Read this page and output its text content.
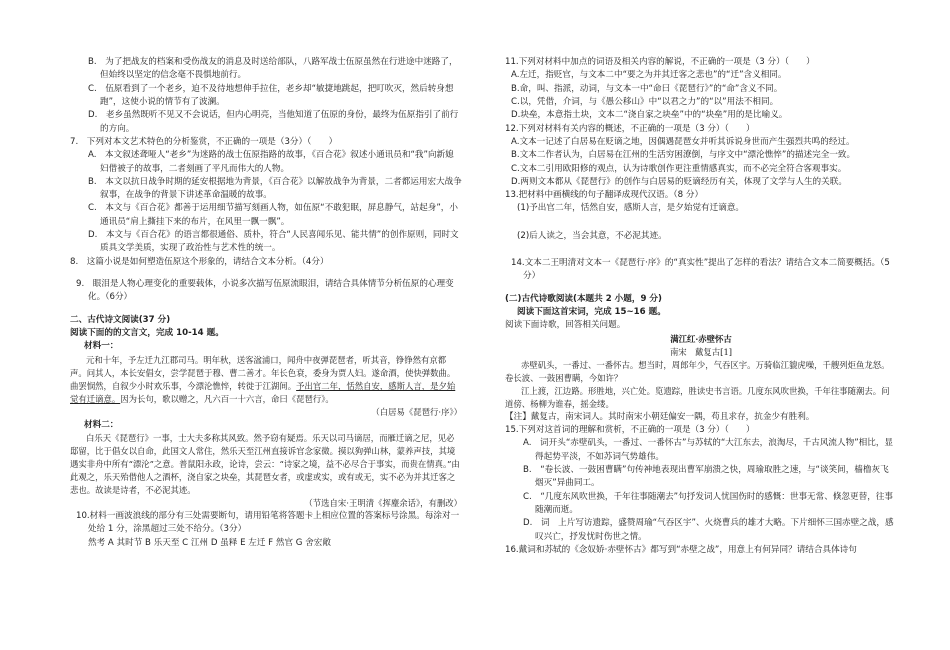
B.　为了把战友的档案和受伤战友的消息及时送给部队，八路军战士伍原虽然在行进途中迷路了，但始终以坚定的信念毫不畏惧地前行。

C.　伍原看到了一个老乡，迫不及待地想伸手拉住，老乡却“敏捷地跳起，把叮吹灭，然后转身想跑”，这使小说的情节有了波澜。

D.　老乡虽然既听不见又不会说话，但内心明亮，当他知道了伍原的身份，最终为伍原指引了前行的方向。

7.　下列对本文艺术特色的分析鉴赏，不正确的一项是（3分）（　　）

A.　本文叙述聋哑人“老乡”为迷路的战士伍原指路的故事，《百合花》叙述小通讯员和“我”向新媳妇借被子的故事，二者刻画了平凡而伟大的人物。

B.　本文以抗日战争时期的延安根据地为背景，《百合花》以解放战争为背景，二者都运用宏大战争叙事，在战争的背景下讲述革命温暖的故事。

C.　本文与《百合花》都善于运用细节描写刻画人物，如伍原“不敢犯眠，屏息静气，站起身”，小通讯员“肩上撕挂下来的布片，在风里一飘一飘”。

D.　本文与《百合花》的语言都很通俗、质朴，符合“人民喜闻乐见、能共情”的创作原则，同时文质具文学美质，实现了政治性与艺术性的统一。

8.　这篇小说是如何塑造伍原这个形象的，请结合文本分析。（4分）

9.　眼泪是人物心理变化的重要载体，小说多次描写伍原流眼泪，请结合具体情节分析伍原的心理变化。（6分）

二、古代诗文阅读(37 分)

阅读下面的的文言文，完成 10-14 题。

材料一：

元和十年，予左迁九江郡司马。明年秋，送客湓浦口，闻舟中夜弹琵琶者，听其音，铮铮然有京都声。问其人，本长安倡女，尝学琵琶于穆、曹二善才。年长色衰，委身为贾人妇。遂命酒，使快弹数曲。曲罢悯然，自叙少小时欢乐事，今漂沦憔悴，转徙于江湖间。予出官二年，恬然自安，感斯人言，是夕始觉有迁谪意。因为长句，歌以赠之，凡六百一十六言，命曰《琵琶行》。

（白居易《琵琶行·序》）

材料二：

白乐天《琵琶行》一事，士大夫多称其风致。然予窃有疑焉。乐天以司马谪居，而雁迁谪之尼，见必邸留，比于倡女以自命，此国文人常住，然乐天至江州直接诉官念家微。摸以狗弹山林，蒙养声技，其境遇实非舟中所有“漂沦”之意。普鼠阳永政，论诗，尝云：“诗家之境，益不必尽合于事实，而贵在情真。”由此观之，乐天殆借他人之酒杯，浇自家之块垒，其琵琶女者，或虚或实，或有或无，实不必为并其迁客之悲也。故读是诗者，不必泥其迹。

（节选自宋·王明清《挥麈余话》，有删改）

10.材料一画波浪线的部分有三处需要断句，请用铅笔将答题卡上相应位置的答案标号涂黑。每涂对一处给 1 分，涂黑超过三处不给分。（3分）

然考 A 其时节 B 乐天至 C 江州 D 虽释 E 左迁 F 然官 G 舍宏敞

11.下列对材料中加点的词语及相关内容的解说，不正确的一项是（3 分）（　　）

A.左迁，指贬官，与文本二中“要之为并其迁客之悲也”的“迁”含义相同。

B.命，叫、指派，动词，与文本一中“命曰《琵琶行》”的“命”含义不同。

C.以，凭借，介词，与《愚公移山》中“以君之力”的“以”用法不相同。

D.块垒，本意指土块，文本二“浇自家之块垒”中的“块垒”用的是比喻义。

12.下列对材料有关内容的概述，不正确的一项是（3 分）（　　）

A.文本一记述了白居易在贬谪之地，因偶遇琵琶女并听其诉说身世而产生强烈共鸣的经过。

B.文本二作者认为，白居易在江州的生活穷困潦倒，与序文中“漂沦憔悴”的描述完全一致。

C.文本二引用欧阳修的观点，认为诗歌创作更注重情感真实，而不必完全符合客观事实。

D.两则文本都从《琵琶行》的创作与白居易的贬谪经历有关，体现了文学与人生的关联。

13.把材料中画横线的句子翻译成现代汉语。（8 分）

(1)予出官二年，恬然自安，感斯人言，是夕始觉有迁谪意。

(2)后人读之，当会其意，不必泥其迹。

14.文本二王明清对文本一《琵琶行·序》的“真实性”提出了怎样的看法？请结合文本二简要概括。（5分）

(二)古代诗歌阅读(本题共 2 小题，9 分)

阅读下面这首宋词，完成 15~16 题。

阅读下面诗歌，回答相关问题。

满江红·赤壁怀古

南宋　戴复古[1]

赤壁矶头，一番过、一番怀古。想当时，周郎年少，气吞区宇。万骑临江貔虎噪，千艘列炬鱼龙怒。卷长波、一鼓困曹瞒，今如许？

江上渡，江边路。形胜地，兴亡处。览遗踪，胜读史书言语。几度东风吹世换，千年往事随潮去。问道傍、杨柳为谁春，摇金缕。

【注】戴复古，南宋词人。其时南宋小朝廷偏安一隅，苟且求存，抗金少有胜利。

15.下列对这首词的理解和赏析，不正确的一项是（3 分）（　　）

A.　词开头“赤壁矶头，一番过、一番怀古”与苏轼的“大江东去，浪淘尽，千古风流人物”相比，显得起势平淡，不如苏词气势雄伟。

B.　“卷长波、一鼓困曹瞒”句传神地表现出曹军崩溃之快，周瑜取胜之速，与“谈笑间，樯橹灰飞烟灭”异曲同工。

C.　“几度东风吹世换，千年往事随潮去”句抒发词人忧国伤时的感慨：世事无常、倏忽更替，往事随潮而逝。

D.　词　上片写访遗踪，盛赞周瑜“气吞区宇”、火烧曹兵的雄才大略。下片细怀三国赤壁之战，感叹兴亡，抒发忧时伤世之情。

16.戴词和苏轼的《念奴娇·赤壁怀古》都写到“赤壁之战”，用意上有何异同？请结合具体诗句
